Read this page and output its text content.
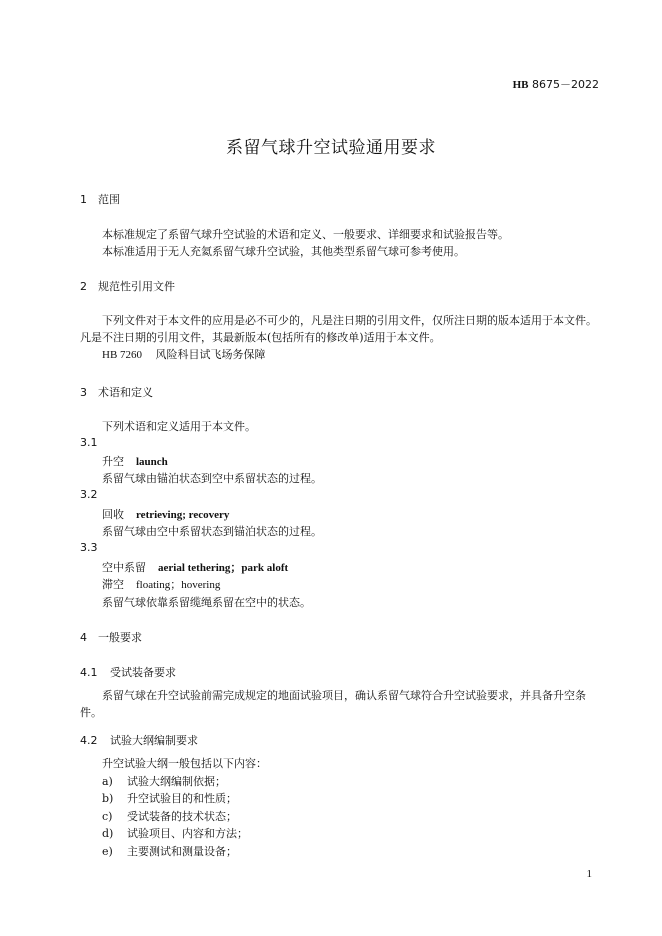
HB 8675－2022
系留气球升空试验通用要求
1 范围
本标准规定了系留气球升空试验的术语和定义、一般要求、详细要求和试验报告等。
本标准适用于无人充氦系留气球升空试验，其他类型系留气球可参考使用。
2 规范性引用文件
下列文件对于本文件的应用是必不可少的，凡是注日期的引用文件，仅所注日期的版本适用于本文件。凡是不注日期的引用文件，其最新版本(包括所有的修改单)适用于本文件。
HB 7260 风险科目试飞场务保障
3 术语和定义
下列术语和定义适用于本文件。
3.1
升空 launch
系留气球由锚泊状态到空中系留状态的过程。
3.2
回收 retrieving; recovery
系留气球由空中系留状态到锚泊状态的过程。
3.3
空中系留 aerial tethering；park aloft
滞空 floating；hovering
系留气球依靠系留缆绳系留在空中的状态。
4 一般要求
4.1 受试装备要求
系留气球在升空试验前需完成规定的地面试验项目，确认系留气球符合升空试验要求，并具备升空条件。
4.2 试验大纲编制要求
升空试验大纲一般包括以下内容：
a) 试验大纲编制依据；
b) 升空试验目的和性质；
c) 受试装备的技术状态；
d) 试验项目、内容和方法；
e) 主要测试和测量设备；
1
